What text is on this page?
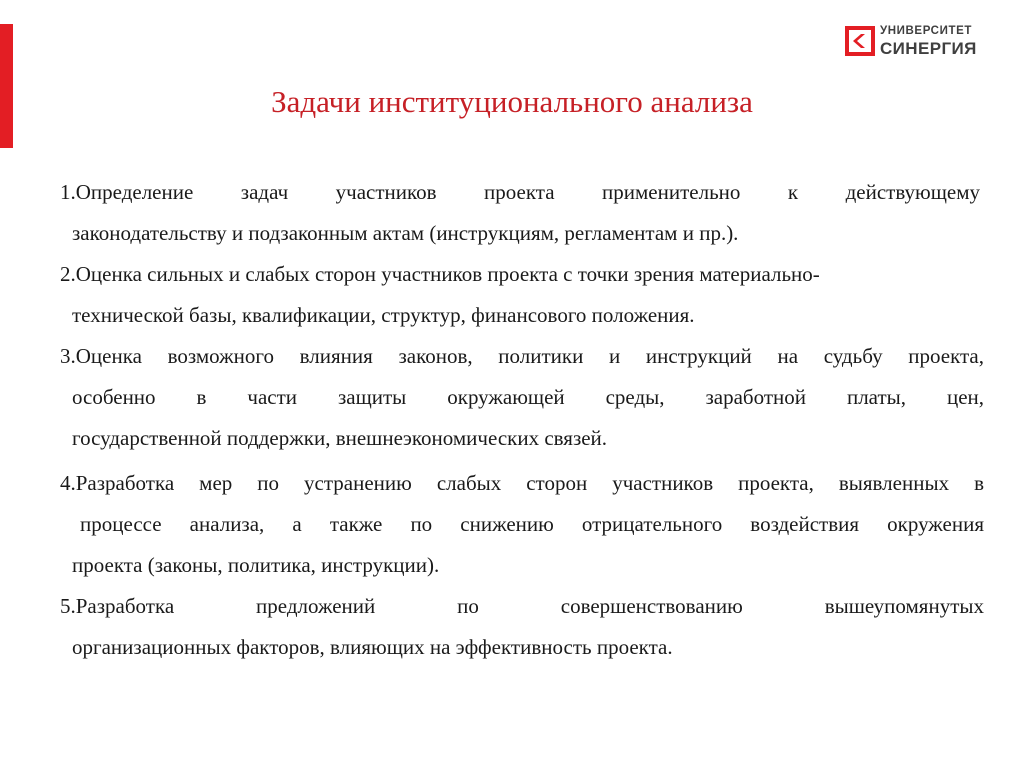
УНИВЕРСИТЕТ
СИНЕРГИЯ
Задачи институционального анализа

1.Определение задач участников проекта применительно к действующему
законодательству и подзаконным актам (инструкциям, регламентам и пр.).

2.Оценка сильных и слабых сторон участников проекта с точки зрения материально-
технической базы, квалификации, структур, финансового положения.

3.Оценка возможного влияния законов, политики и инструкций на судьбу проекта,
особенно в части защиты окружающей среды, заработной платы, цен,
государственной поддержки, внешнеэкономических связей.

4.Разработка мер по устранению слабых сторон участников проекта, выявленных в
процессе анализа, а также по снижению отрицательного воздействия окружения
проекта (законы, политика, инструкции).

5.Разработка предложений по совершенствованию вышеупомянутых
организационных факторов, влияющих на эффективность проекта.
